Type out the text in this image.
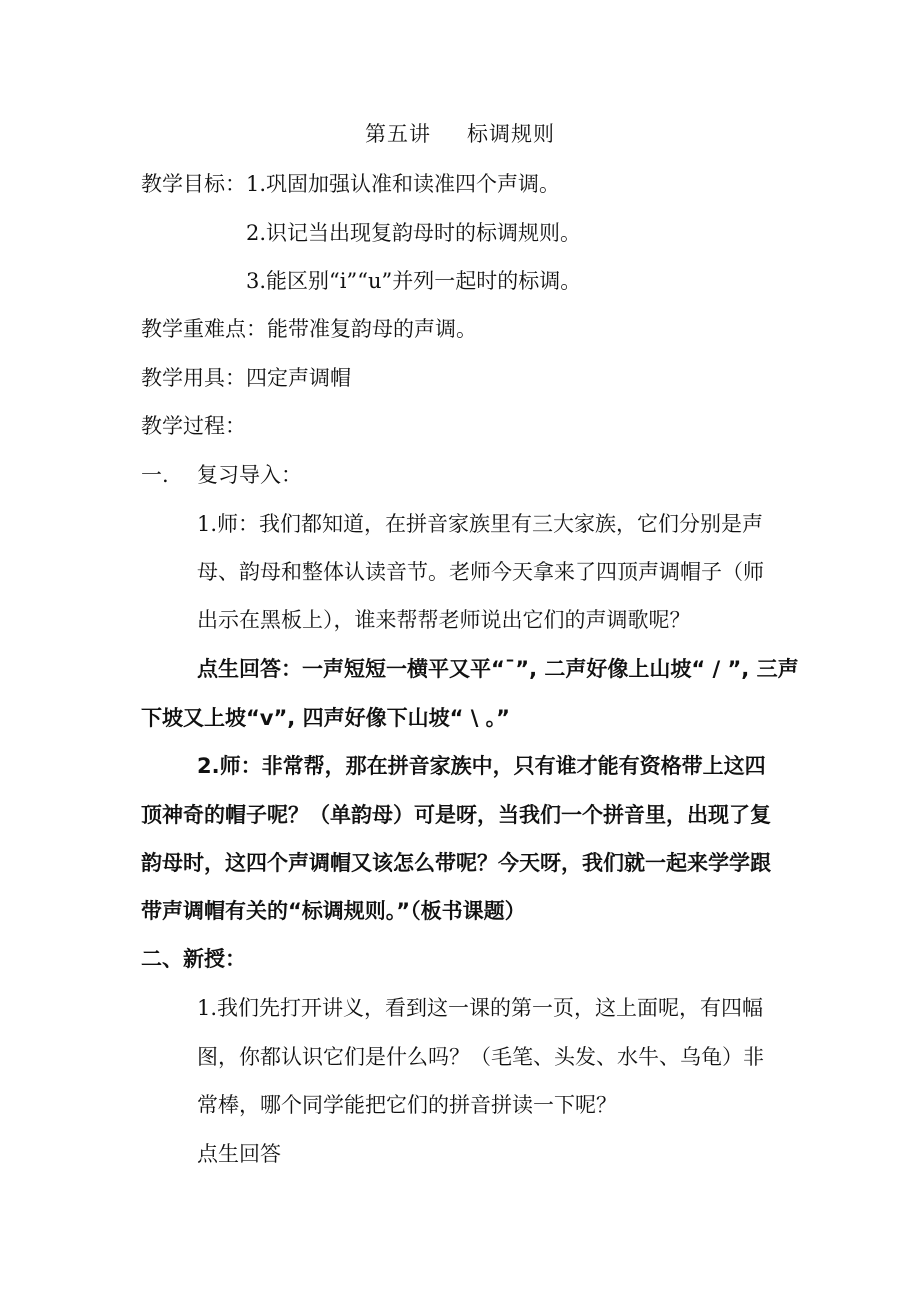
第五讲 标调规则
教学目标：1.巩固加强认准和读准四个声调。
2.识记当出现复韵母时的标调规则。
3.能区别“i”“u”并列一起时的标调。
教学重难点：能带准复韵母的声调。
教学用具：四定声调帽
教学过程：
一. 复习导入：
1.师：我们都知道，在拼音家族里有三大家族，它们分别是声
母、韵母和整体认读音节。老师今天拿来了四顶声调帽子（师
出示在黑板上），谁来帮帮老师说出它们的声调歌呢？
点生回答：一声短短一横平又平“¯”, 二声好像上山坡“ / ”, 三声
下坡又上坡“v”, 四声好像下山坡“ \ 。”
2.师：非常帮，那在拼音家族中，只有谁才能有资格带上这四
顶神奇的帽子呢？（单韵母）可是呀，当我们一个拼音里，出现了复
韵母时，这四个声调帽又该怎么带呢？今天呀，我们就一起来学学跟
带声调帽有关的“标调规则。”（板书课题）
二、新授：
1.我们先打开讲义，看到这一课的第一页，这上面呢，有四幅
图，你都认识它们是什么吗？（毛笔、头发、水牛、乌龟）非
常棒，哪个同学能把它们的拼音拼读一下呢？
点生回答
